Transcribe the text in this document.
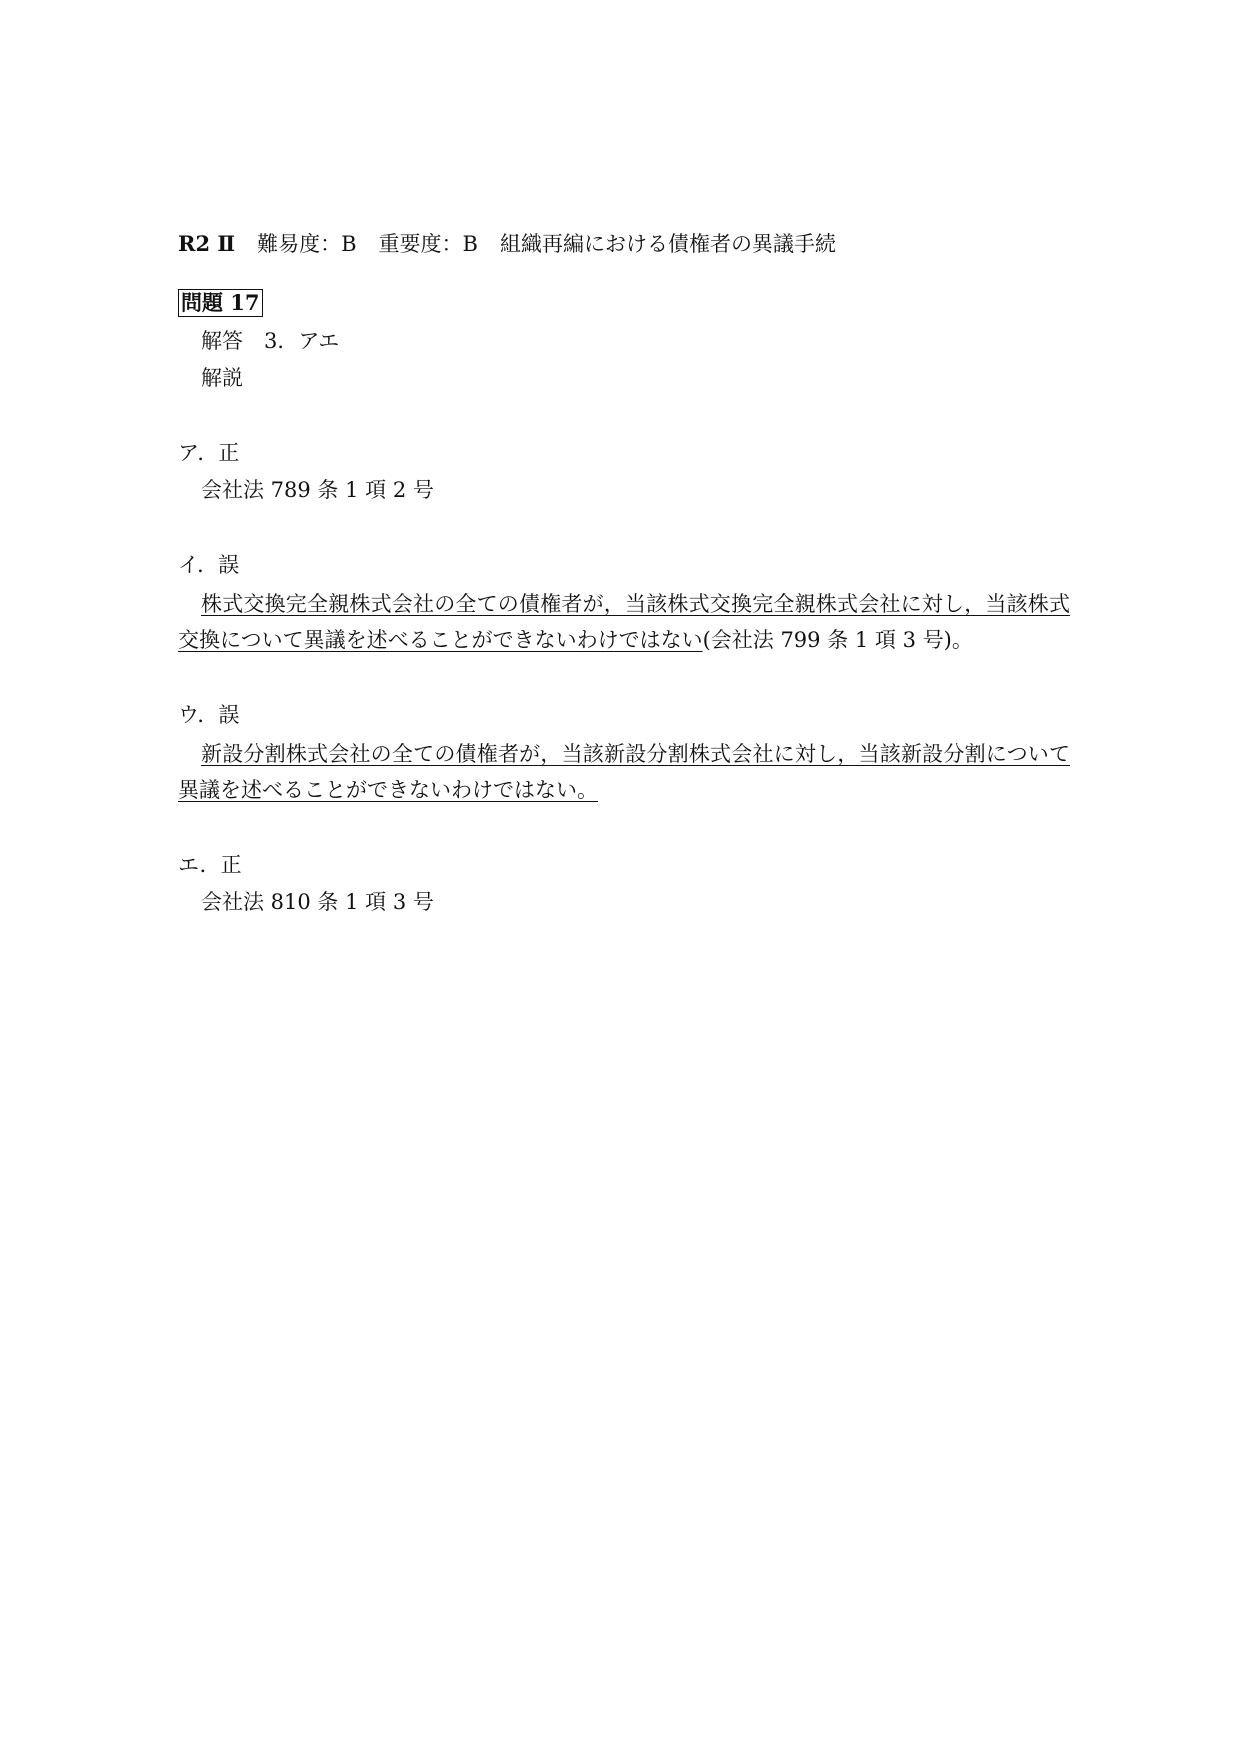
R2 Ⅱ 難易度：B 重要度：B 組織再編における債権者の異議手続
問題 17
解答　3．アエ
解説
ア．正
会社法 789 条 1 項 2 号
イ．誤
株式交換完全親株式会社の全ての債権者が，当該株式交換完全親株式会社に対し，当該株式交換について異議を述べることができないわけではない(会社法 799 条 1 項 3 号)。
ウ．誤
新設分割株式会社の全ての債権者が，当該新設分割株式会社に対し，当該新設分割について異議を述べることができないわけではない。
エ．正
会社法 810 条 1 項 3 号
